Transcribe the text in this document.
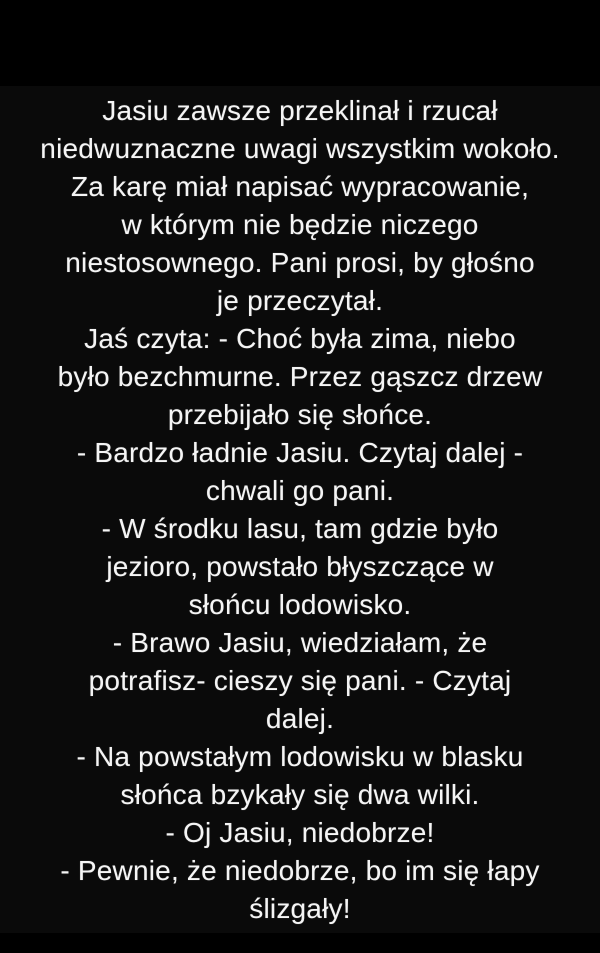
Jasiu zawsze przeklinał i rzucał
niedwuznaczne uwagi wszystkim wokoło.
Za karę miał napisać wypracowanie,
w którym nie będzie niczego
niestosownego. Pani prosi, by głośno
je przeczytał.
Jaś czyta: - Choć była zima, niebo
było bezchmurne. Przez gąszcz drzew
przebijało się słońce.
- Bardzo ładnie Jasiu. Czytaj dalej -
chwali go pani.
- W środku lasu, tam gdzie było
jezioro, powstało błyszczące w
słońcu lodowisko.
- Brawo Jasiu, wiedziałam, że
potrafisz- cieszy się pani. - Czytaj
dalej.
- Na powstałym lodowisku w blasku
słońca bzykały się dwa wilki.
- Oj Jasiu, niedobrze!
- Pewnie, że niedobrze, bo im się łapy
ślizgały!
